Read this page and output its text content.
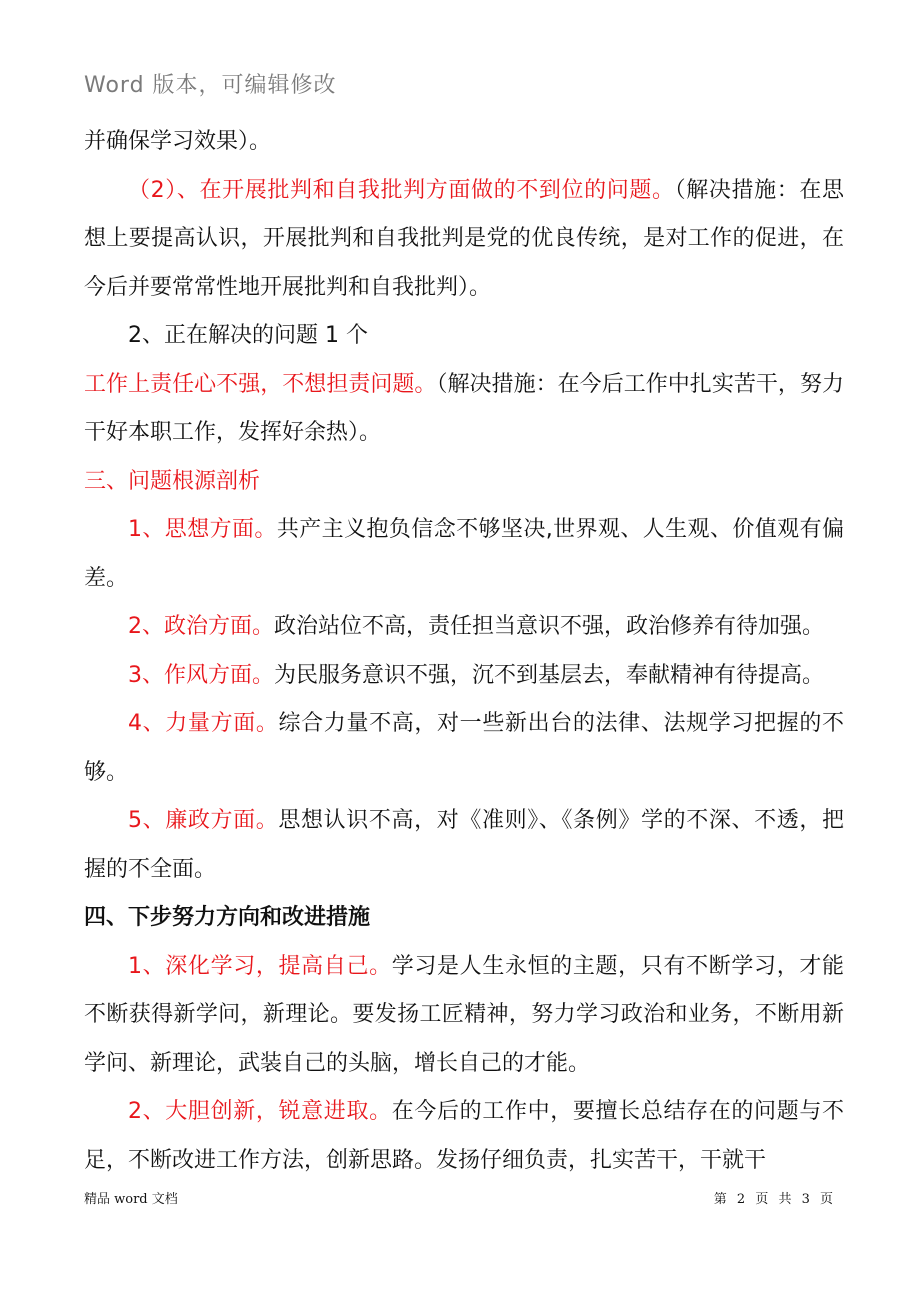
Word 版本，可编辑修改

并确保学习效果）。

（2）、在开展批判和自我批判方面做的不到位的问题。（解决措施：在思想上要提高认识，开展批判和自我批判是党的优良传统，是对工作的促进，在今后并要常常性地开展批判和自我批判）。

2、正在解决的问题 1 个

工作上责任心不强，不想担责问题。（解决措施：在今后工作中扎实苦干，努力干好本职工作，发挥好余热）。

三、问题根源剖析

1、思想方面。共产主义抱负信念不够坚决,世界观、人生观、价值观有偏差。

2、政治方面。政治站位不高，责任担当意识不强，政治修养有待加强。

3、作风方面。为民服务意识不强，沉不到基层去，奉献精神有待提高。

4、力量方面。综合力量不高，对一些新出台的法律、法规学习把握的不够。

5、廉政方面。思想认识不高，对《准则》、《条例》学的不深、不透，把握的不全面。

四、下步努力方向和改进措施

1、深化学习，提高自己。学习是人生永恒的主题，只有不断学习，才能不断获得新学问，新理论。要发扬工匠精神，努力学习政治和业务，不断用新学问、新理论，武装自己的头脑，增长自己的才能。

2、大胆创新，锐意进取。在今后的工作中，要擅长总结存在的问题与不足，不断改进工作方法，创新思路。发扬仔细负责，扎实苦干，干就干

精品 word 文档	第 2 页 共 3 页
